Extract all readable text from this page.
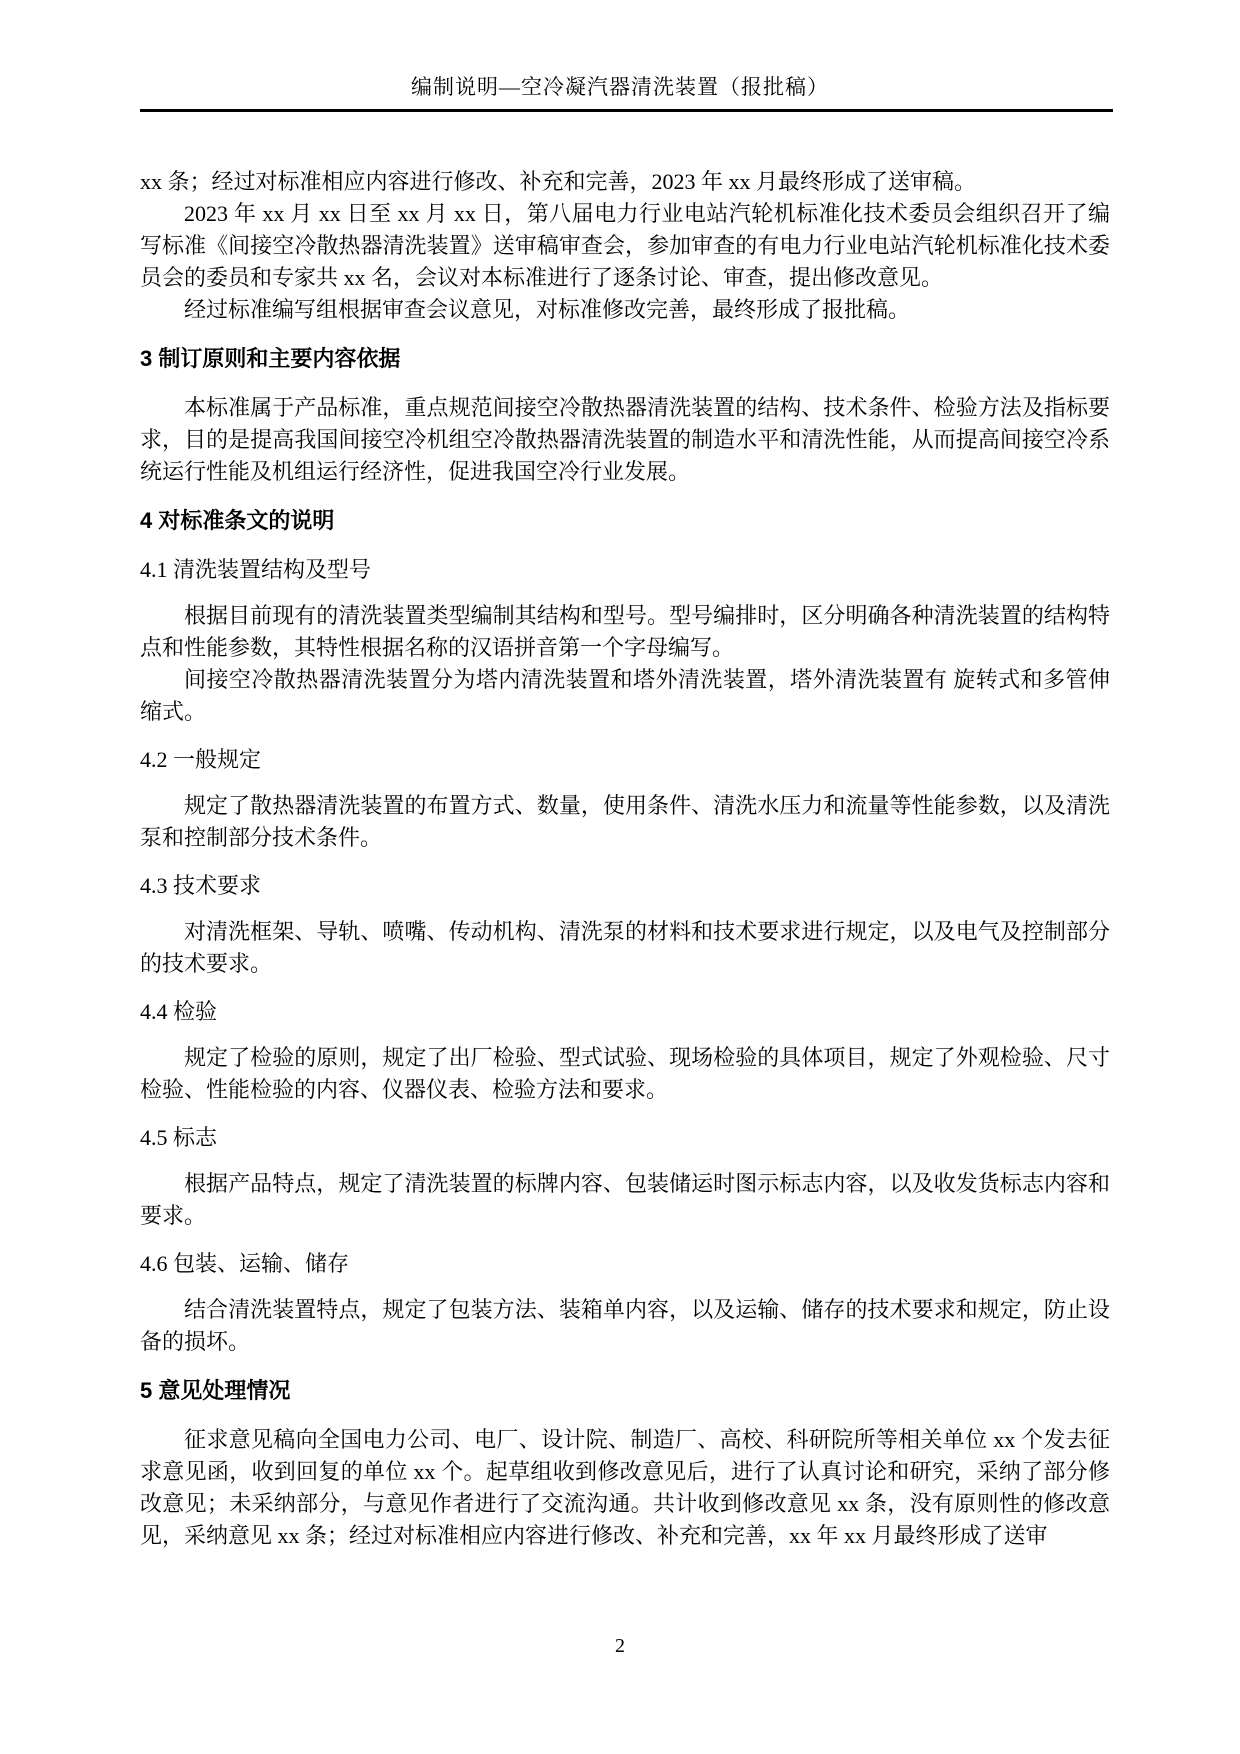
编制说明—空冷凝汽器清洗装置（报批稿）

xx 条；经过对标准相应内容进行修改、补充和完善，2023 年 xx 月最终形成了送审稿。

2023 年 xx 月 xx 日至 xx 月 xx 日，第八届电力行业电站汽轮机标准化技术委员会组织召开了编写标准《间接空冷散热器清洗装置》送审稿审查会，参加审查的有电力行业电站汽轮机标准化技术委员会的委员和专家共 xx 名，会议对本标准进行了逐条讨论、审查，提出修改意见。

经过标准编写组根据审查会议意见，对标准修改完善，最终形成了报批稿。

3 制订原则和主要内容依据

本标准属于产品标准，重点规范间接空冷散热器清洗装置的结构、技术条件、检验方法及指标要求，目的是提高我国间接空冷机组空冷散热器清洗装置的制造水平和清洗性能，从而提高间接空冷系统运行性能及机组运行经济性，促进我国空冷行业发展。

4 对标准条文的说明
4.1 清洗装置结构及型号

根据目前现有的清洗装置类型编制其结构和型号。型号编排时，区分明确各种清洗装置的结构特点和性能参数，其特性根据名称的汉语拼音第一个字母编写。

间接空冷散热器清洗装置分为塔内清洗装置和塔外清洗装置，塔外清洗装置有 旋转式和多管伸缩式。

4.2 一般规定

规定了散热器清洗装置的布置方式、数量，使用条件、清洗水压力和流量等性能参数，以及清洗泵和控制部分技术条件。

4.3 技术要求

对清洗框架、导轨、喷嘴、传动机构、清洗泵的材料和技术要求进行规定，以及电气及控制部分的技术要求。

4.4 检验

规定了检验的原则，规定了出厂检验、型式试验、现场检验的具体项目，规定了外观检验、尺寸检验、性能检验的内容、仪器仪表、检验方法和要求。

4.5 标志

根据产品特点，规定了清洗装置的标牌内容、包装储运时图示标志内容，以及收发货标志内容和要求。

4.6 包装、运输、储存

结合清洗装置特点，规定了包装方法、装箱单内容，以及运输、储存的技术要求和规定，防止设备的损坏。

5 意见处理情况

征求意见稿向全国电力公司、电厂、设计院、制造厂、高校、科研院所等相关单位 xx 个发去征求意见函，收到回复的单位 xx 个。起草组收到修改意见后，进行了认真讨论和研究，采纳了部分修改意见；未采纳部分，与意见作者进行了交流沟通。共计收到修改意见 xx 条，没有原则性的修改意见，采纳意见 xx 条；经过对标准相应内容进行修改、补充和完善，xx 年 xx 月最终形成了送审

2
